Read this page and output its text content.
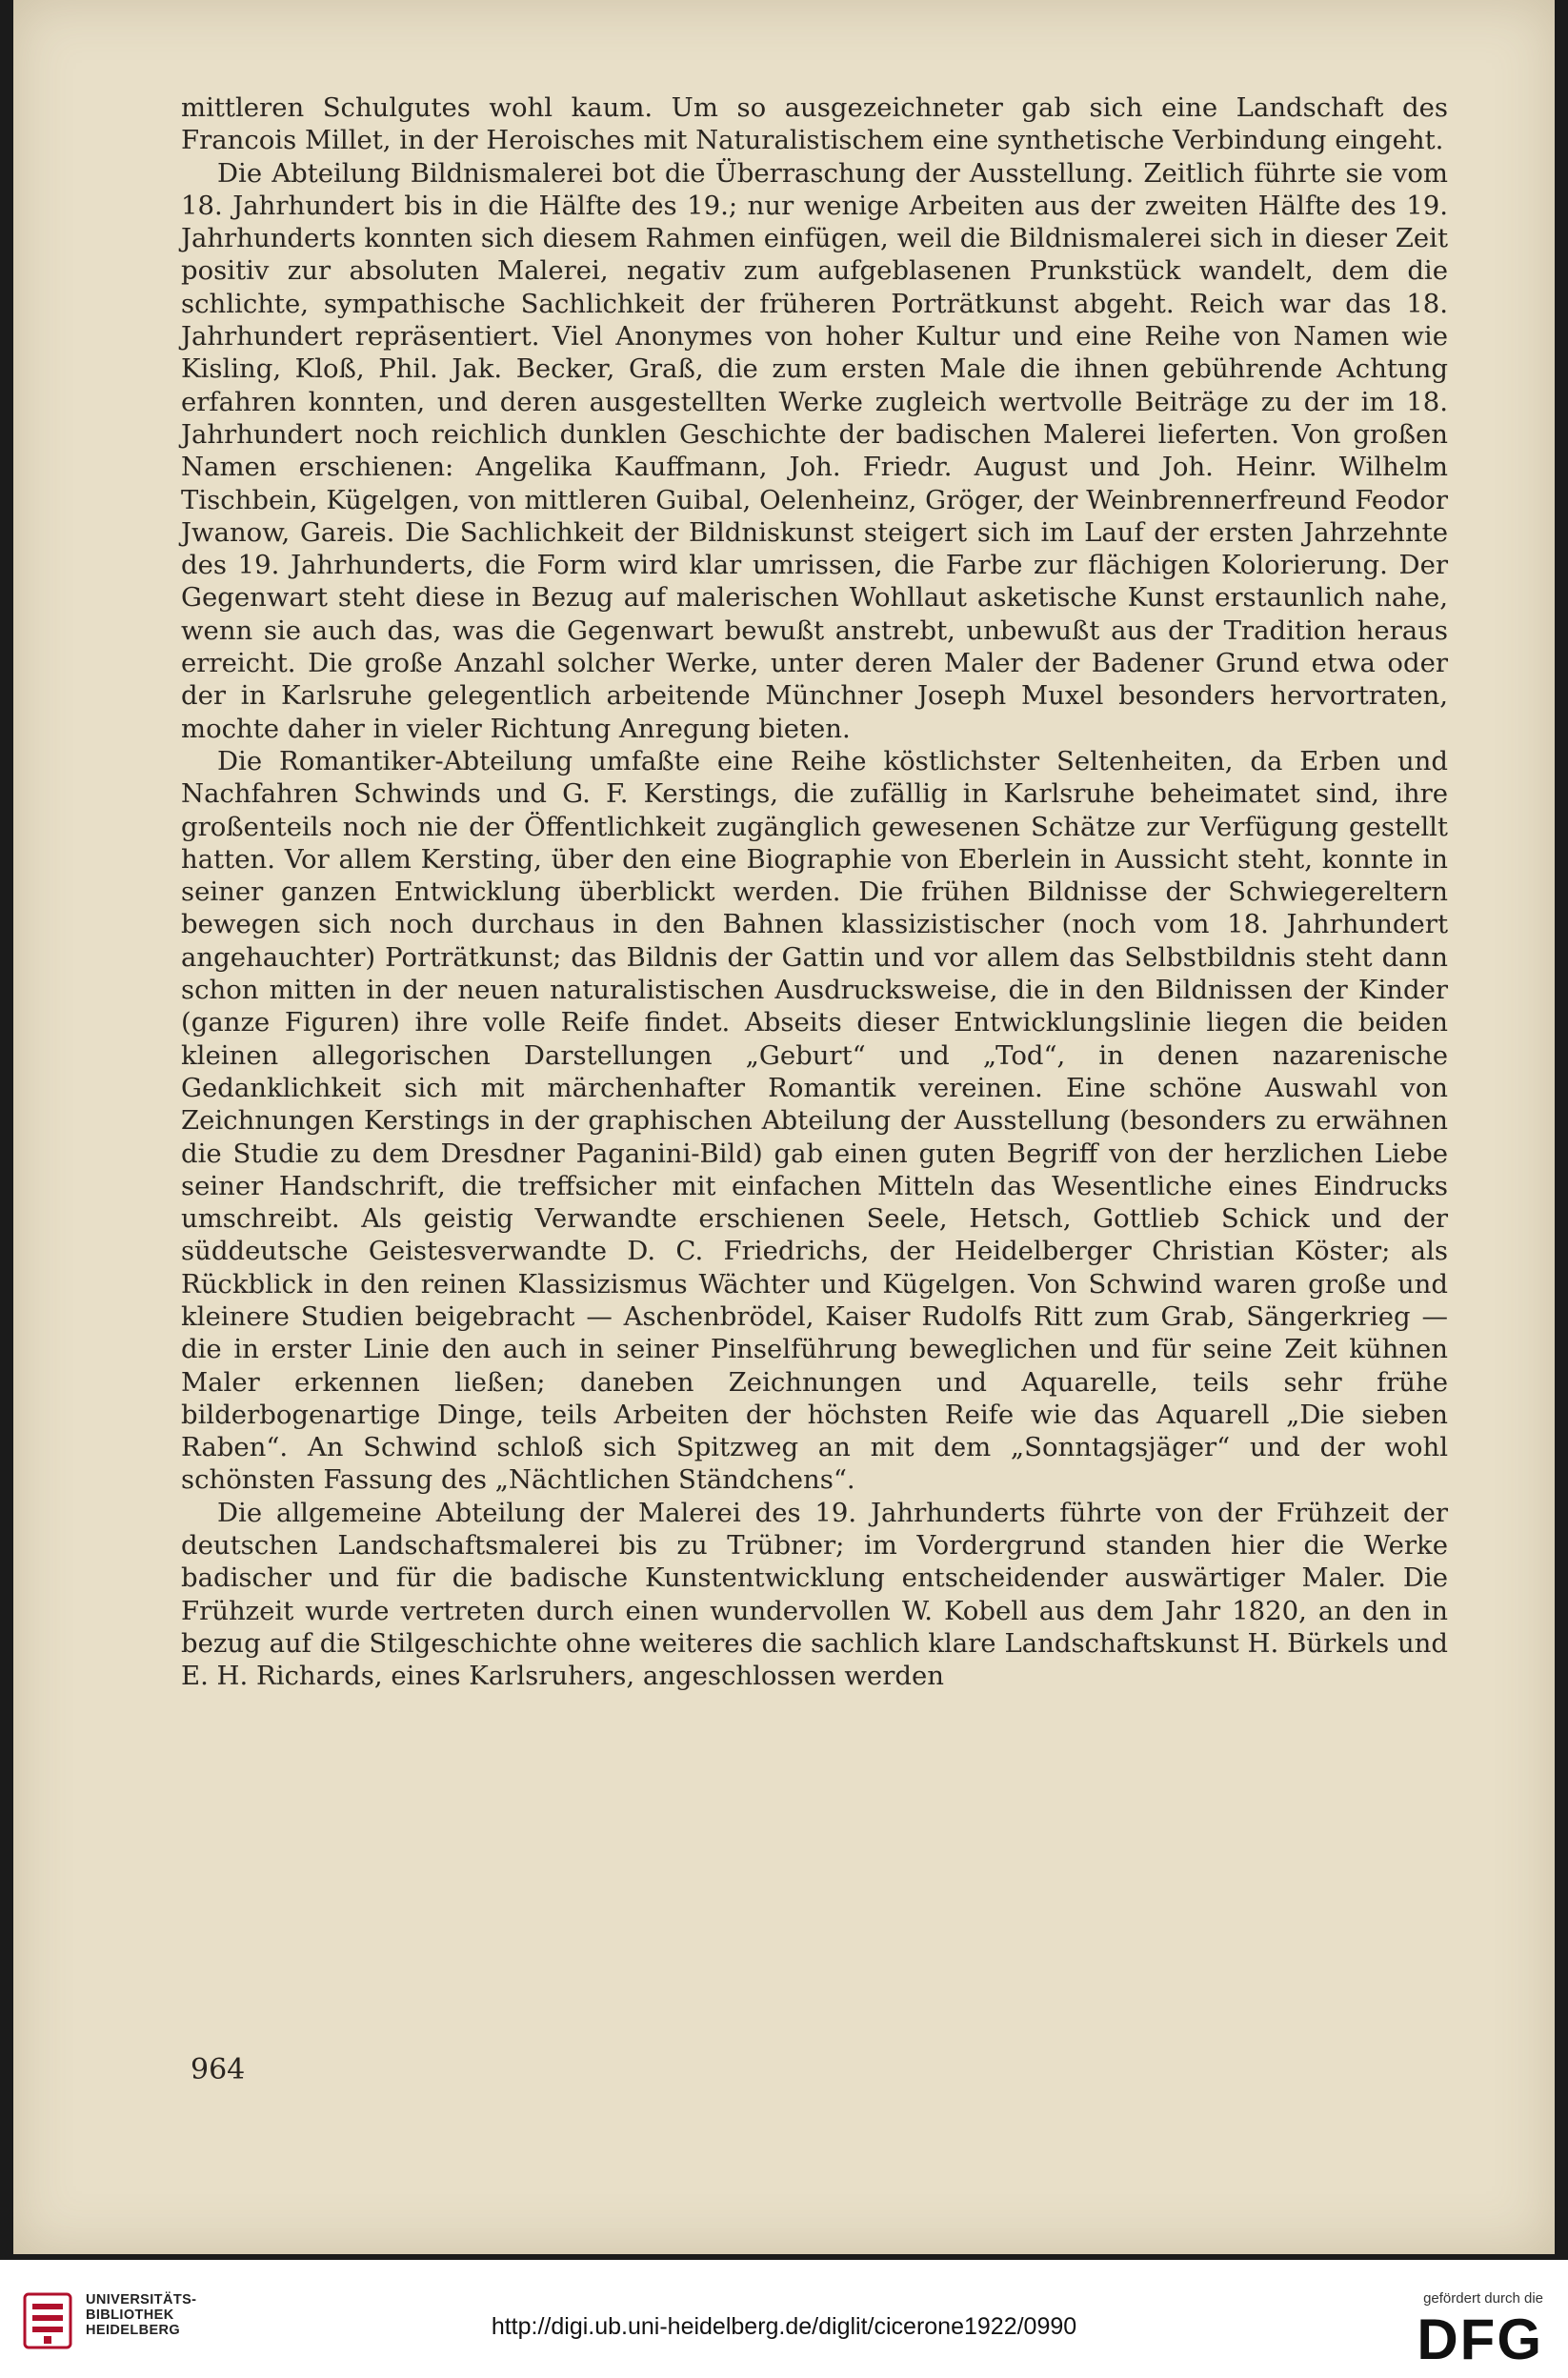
mittleren Schulgutes wohl kaum. Um so ausgezeichneter gab sich eine Landschaft des Francois Millet, in der Heroisches mit Naturalistischem eine synthetische Verbindung eingeht.

Die Abteilung Bildnismalerei bot die Überraschung der Ausstellung. Zeitlich führte sie vom 18. Jahrhundert bis in die Hälfte des 19.; nur wenige Arbeiten aus der zweiten Hälfte des 19. Jahrhunderts konnten sich diesem Rahmen einfügen, weil die Bildnismalerei sich in dieser Zeit positiv zur absoluten Malerei, negativ zum aufgeblasenen Prunkstück wandelt, dem die schlichte, sympathische Sachlichkeit der früheren Porträtkunst abgeht. Reich war das 18. Jahrhundert repräsentiert. Viel Anonymes von hoher Kultur und eine Reihe von Namen wie Kisling, Kloß, Phil. Jak. Becker, Graß, die zum ersten Male die ihnen gebührende Achtung erfahren konnten, und deren ausgestellten Werke zugleich wertvolle Beiträge zu der im 18. Jahrhundert noch reichlich dunklen Geschichte der badischen Malerei lieferten. Von großen Namen erschienen: Angelika Kauffmann, Joh. Friedr. August und Joh. Heinr. Wilhelm Tischbein, Kügelgen, von mittleren Guibal, Oelenheinz, Gröger, der Weinbrennerfreund Feodor Jwanow, Gareis. Die Sachlichkeit der Bildniskunst steigert sich im Lauf der ersten Jahrzehnte des 19. Jahrhunderts, die Form wird klar umrissen, die Farbe zur flächigen Kolorierung. Der Gegenwart steht diese in Bezug auf malerischen Wohllaut asketische Kunst erstaunlich nahe, wenn sie auch das, was die Gegenwart bewußt anstrebt, unbewußt aus der Tradition heraus erreicht. Die große Anzahl solcher Werke, unter deren Maler der Badener Grund etwa oder der in Karlsruhe gelegentlich arbeitende Münchner Joseph Muxel besonders hervortraten, mochte daher in vieler Richtung Anregung bieten.

Die Romantiker-Abteilung umfaßte eine Reihe köstlichster Seltenheiten, da Erben und Nachfahren Schwinds und G. F. Kerstings, die zufällig in Karlsruhe beheimatet sind, ihre großenteils noch nie der Öffentlichkeit zugänglich gewesenen Schätze zur Verfügung gestellt hatten. Vor allem Kersting, über den eine Biographie von Eberlein in Aussicht steht, konnte in seiner ganzen Entwicklung überblickt werden. Die frühen Bildnisse der Schwiegereltern bewegen sich noch durchaus in den Bahnen klassizistischer (noch vom 18. Jahrhundert angehauchter) Porträtkunst; das Bildnis der Gattin und vor allem das Selbstbildnis steht dann schon mitten in der neuen naturalistischen Ausdrucksweise, die in den Bildnissen der Kinder (ganze Figuren) ihre volle Reife findet. Abseits dieser Entwicklungslinie liegen die beiden kleinen allegorischen Darstellungen „Geburt“ und „Tod“, in denen nazarenische Gedanklichkeit sich mit märchenhafter Romantik vereinen. Eine schöne Auswahl von Zeichnungen Kerstings in der graphischen Abteilung der Ausstellung (besonders zu erwähnen die Studie zu dem Dresdner Paganini-Bild) gab einen guten Begriff von der herzlichen Liebe seiner Handschrift, die treffsicher mit einfachen Mitteln das Wesentliche eines Eindrucks umschreibt. Als geistig Verwandte erschienen Seele, Hetsch, Gottlieb Schick und der süddeutsche Geistesverwandte D. C. Friedrichs, der Heidelberger Christian Köster; als Rückblick in den reinen Klassizismus Wächter und Kügelgen. Von Schwind waren große und kleinere Studien beigebracht — Aschenbrödel, Kaiser Rudolfs Ritt zum Grab, Sängerkrieg — die in erster Linie den auch in seiner Pinselführung beweglichen und für seine Zeit kühnen Maler erkennen ließen; daneben Zeichnungen und Aquarelle, teils sehr frühe bilderbogenartige Dinge, teils Arbeiten der höchsten Reife wie das Aquarell „Die sieben Raben“. An Schwind schloß sich Spitzweg an mit dem „Sonntagsjäger“ und der wohl schönsten Fassung des „Nächtlichen Ständchens“.

Die allgemeine Abteilung der Malerei des 19. Jahrhunderts führte von der Frühzeit der deutschen Landschaftsmalerei bis zu Trübner; im Vordergrund standen hier die Werke badischer und für die badische Kunstentwicklung entscheidender auswärtiger Maler. Die Frühzeit wurde vertreten durch einen wundervollen W. Kobell aus dem Jahr 1820, an den in bezug auf die Stilgeschichte ohne weiteres die sachlich klare Landschaftskunst H. Bürkels und E. H. Richards, eines Karlsruhers, angeschlossen werden

964
UNIVERSITÄTS-
BIBLIOTHEK
HEIDELBERG	http://digi.ub.uni-heidelberg.de/diglit/cicerone1922/0990
gefördert durch die
DFG
